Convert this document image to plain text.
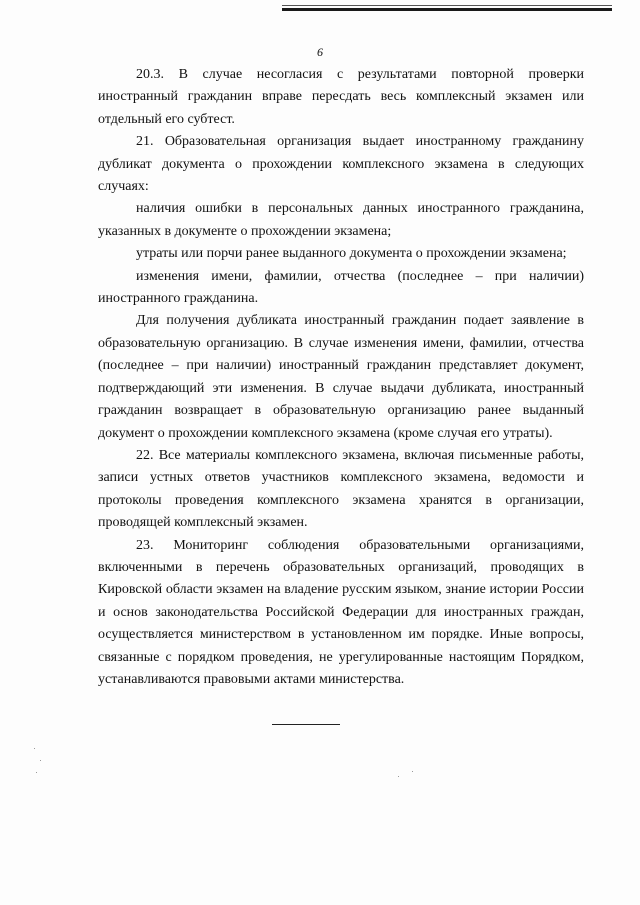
6

20.3. В случае несогласия с результатами повторной проверки иностранный гражданин вправе пересдать весь комплексный экзамен или отдельный его субтест.

21. Образовательная организация выдает иностранному гражданину дубликат документа о прохождении комплексного экзамена в следующих случаях:

наличия ошибки в персональных данных иностранного гражданина, указанных в документе о прохождении экзамена;

утраты или порчи ранее выданного документа о прохождении экзамена;

изменения имени, фамилии, отчества (последнее – при наличии) иностранного гражданина.

Для получения дубликата иностранный гражданин подает заявление в образовательную организацию. В случае изменения имени, фамилии, отчества (последнее – при наличии) иностранный гражданин представляет документ, подтверждающий эти изменения. В случае выдачи дубликата, иностранный гражданин возвращает в образовательную организацию ранее выданный документ о прохождении комплексного экзамена (кроме случая его утраты).

22. Все материалы комплексного экзамена, включая письменные работы, записи устных ответов участников комплексного экзамена, ведомости и протоколы проведения комплексного экзамена хранятся в организации, проводящей комплексный экзамен.

23. Мониторинг соблюдения образовательными организациями, включенными в перечень образовательных организаций, проводящих в Кировской области экзамен на владение русским языком, знание истории России и основ законодательства Российской Федерации для иностранных граждан, осуществляется министерством в установленном им порядке. Иные вопросы, связанные с порядком проведения, не урегулированные настоящим Порядком, устанавливаются правовыми актами министерства.
